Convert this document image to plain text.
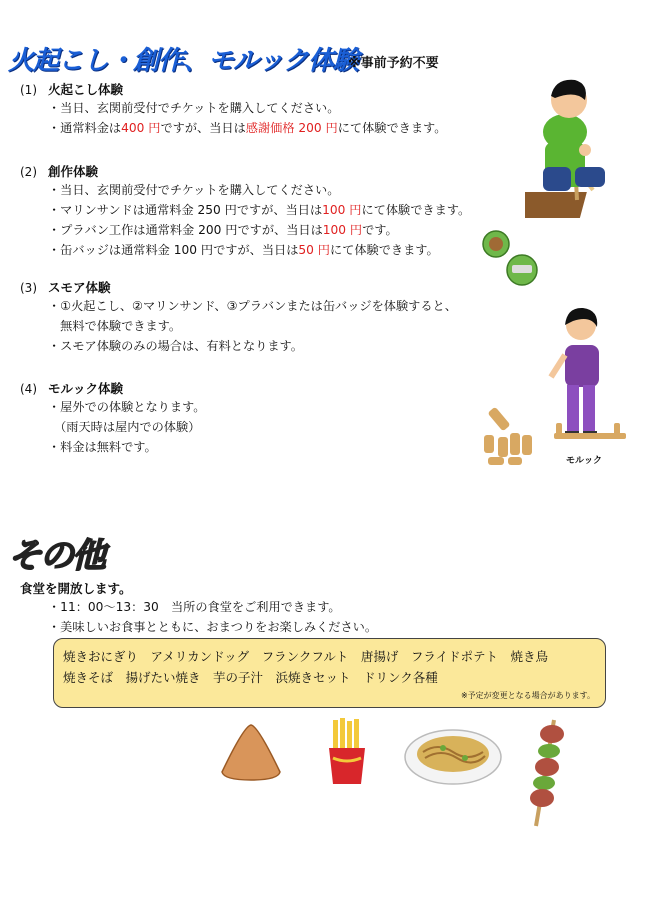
火起こし・創作、モルック体験
※事前予約不要
(1) 火起こし体験
・当日、玄関前受付でチケットを購入してください。
・通常料金は400 円ですが、当日は感謝価格 200 円にて体験できます。
(2) 創作体験
・当日、玄関前受付でチケットを購入してください。
・マリンサンドは通常料金 250 円ですが、当日は100 円にて体験できます。
・プラバン工作は通常料金 200 円ですが、当日は100 円です。
・缶バッジは通常料金 100 円ですが、当日は50 円にて体験できます。
(3) スモア体験
・①火起こし、②マリンサンド、③プラバンまたは缶バッジを体験すると、
　無料で体験できます。
・スモア体験のみの場合は、有料となります。
(4) モルック体験
・屋外での体験となります。
　（雨天時は屋内での体験）
・料金は無料です。
モルック
その他
食堂を開放します。
・11：00～13：30　当所の食堂をご利用できます。
・美味しいお食事とともに、おまつりをお楽しみください。
焼きおにぎり　アメリカンドッグ　フランクフルト　唐揚げ　フライドポテト　焼き鳥
焼きそば　揚げたい焼き　芋の子汁　浜焼きセット　ドリンク各種
※予定が変更となる場合があります。
